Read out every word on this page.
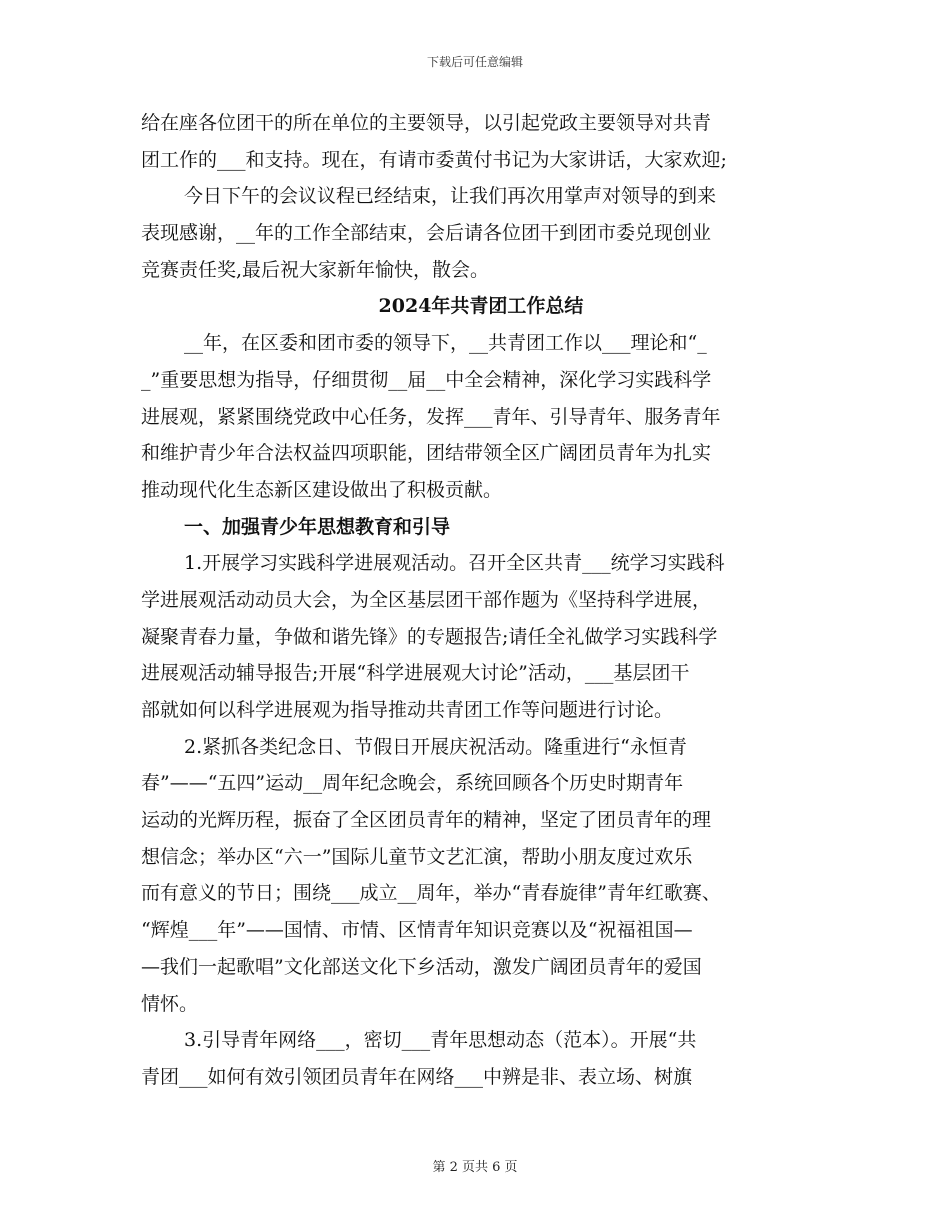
下载后可任意编辑
给在座各位团干的所在单位的主要领导，以引起党政主要领导对共青
团工作的___和支持。现在，有请市委黄付书记为大家讲话，大家欢迎;
今日下午的会议议程已经结束，让我们再次用掌声对领导的到来
表现感谢，__年的工作全部结束，会后请各位团干到团市委兑现创业
竞赛责任奖,最后祝大家新年愉快，散会。
2024年共青团工作总结
__年，在区委和团市委的领导下，__共青团工作以___理论和“_
_”重要思想为指导，仔细贯彻__届__中全会精神，深化学习实践科学
进展观，紧紧围绕党政中心任务，发挥___青年、引导青年、服务青年
和维护青少年合法权益四项职能，团结带领全区广阔团员青年为扎实
推动现代化生态新区建设做出了积极贡献。
一、加强青少年思想教育和引导
1.开展学习实践科学进展观活动。召开全区共青___统学习实践科
学进展观活动动员大会，为全区基层团干部作题为《坚持科学进展，
凝聚青春力量，争做和谐先锋》的专题报告;请任全礼做学习实践科学
进展观活动辅导报告;开展“科学进展观大讨论”活动，___基层团干
部就如何以科学进展观为指导推动共青团工作等问题进行讨论。
2.紧抓各类纪念日、节假日开展庆祝活动。隆重进行“永恒青
春”——“五四”运动__周年纪念晚会，系统回顾各个历史时期青年
运动的光辉历程，振奋了全区团员青年的精神，坚定了团员青年的理
想信念；举办区“六一”国际儿童节文艺汇演，帮助小朋友度过欢乐
而有意义的节日；围绕___成立__周年，举办“青春旋律”青年红歌赛、
“辉煌___年”——国情、市情、区情青年知识竞赛以及“祝福祖国—
—我们一起歌唱”文化部送文化下乡活动，激发广阔团员青年的爱国
情怀。
3.引导青年网络___，密切___青年思想动态（范本）。开展“共
青团___如何有效引领团员青年在网络___中辨是非、表立场、树旗
第 2 页共 6 页
